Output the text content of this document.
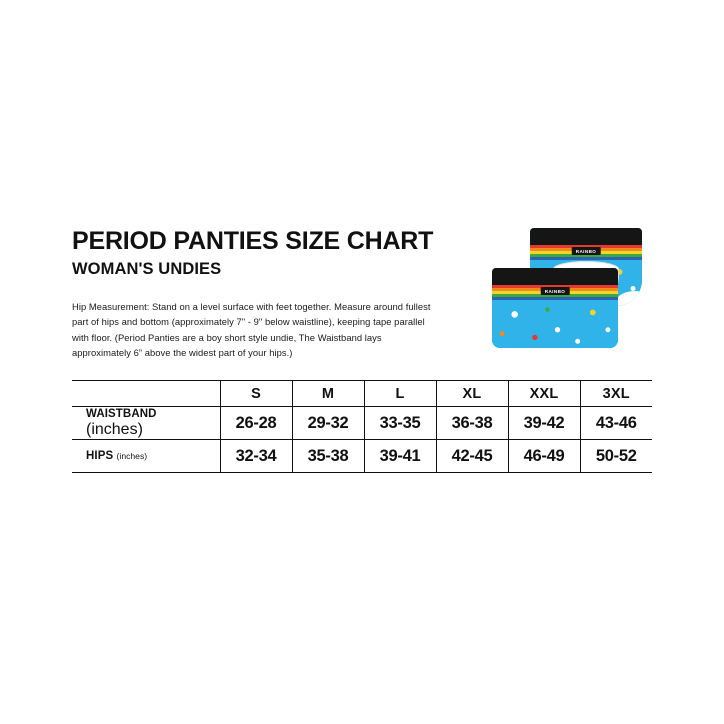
PERIOD PANTIES SIZE CHART
WOMAN'S UNDIES

Hip Measurement: Stand on a level surface with feet together. Measure around fullest part of hips and bottom (approximately 7" - 9" below waistline), keeping tape parallel with floor. (Period Panties are a boy short style undie, The Waistband lays approximately 6” above the widest part of your hips.)

RAINBO
RAINBO
	S	M	L	XL	XXL	3XL

WAISTBAND
(inches)	26-28	29-32	33-35	36-38	39-42	43-46

HIPS (inches)	32-34	35-38	39-41	42-45	46-49	50-52
